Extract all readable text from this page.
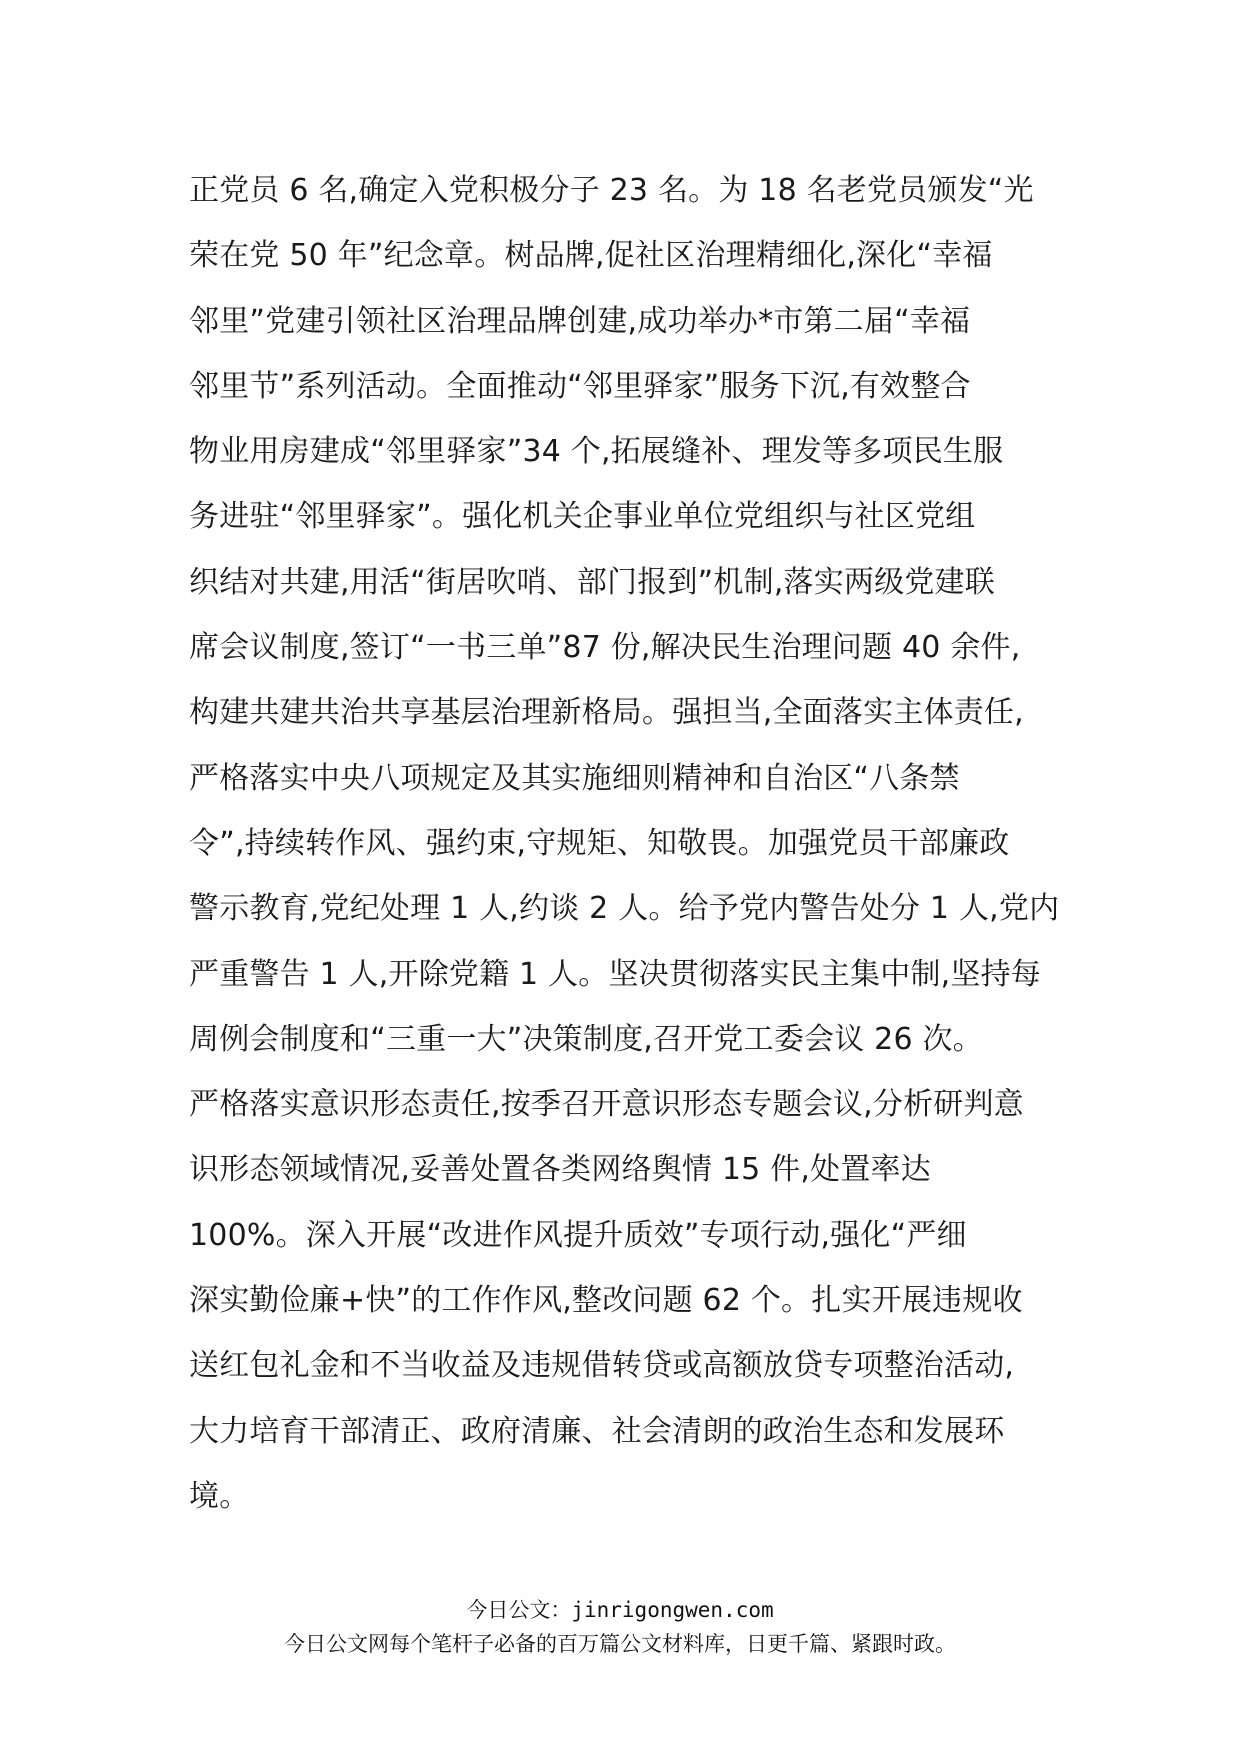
正党员 6 名,确定入党积极分子 23 名。为 18 名老党员颁发“光
荣在党 50 年”纪念章。树品牌,促社区治理精细化,深化“幸福
邻里”党建引领社区治理品牌创建,成功举办*市第二届“幸福
邻里节”系列活动。全面推动“邻里驿家”服务下沉,有效整合
物业用房建成“邻里驿家”34 个,拓展缝补、理发等多项民生服
务进驻“邻里驿家”。强化机关企事业单位党组织与社区党组
织结对共建,用活“街居吹哨、部门报到”机制,落实两级党建联
席会议制度,签订“一书三单”87 份,解决民生治理问题 40 余件,
构建共建共治共享基层治理新格局。强担当,全面落实主体责任,
严格落实中央八项规定及其实施细则精神和自治区“八条禁
令”,持续转作风、强约束,守规矩、知敬畏。加强党员干部廉政
警示教育,党纪处理 1 人,约谈 2 人。给予党内警告处分 1 人,党内
严重警告 1 人,开除党籍 1 人。坚决贯彻落实民主集中制,坚持每
周例会制度和“三重一大”决策制度,召开党工委会议 26 次。
严格落实意识形态责任,按季召开意识形态专题会议,分析研判意
识形态领域情况,妥善处置各类网络舆情 15 件,处置率达
100%。深入开展“改进作风提升质效”专项行动,强化“严细
深实勤俭廉+快”的工作作风,整改问题 62 个。扎实开展违规收
送红包礼金和不当收益及违规借转贷或高额放贷专项整治活动,
大力培育干部清正、政府清廉、社会清朗的政治生态和发展环
境。
今日公文：jinrigongwen.com
今日公文网每个笔杆子必备的百万篇公文材料库，日更千篇、紧跟时政。
